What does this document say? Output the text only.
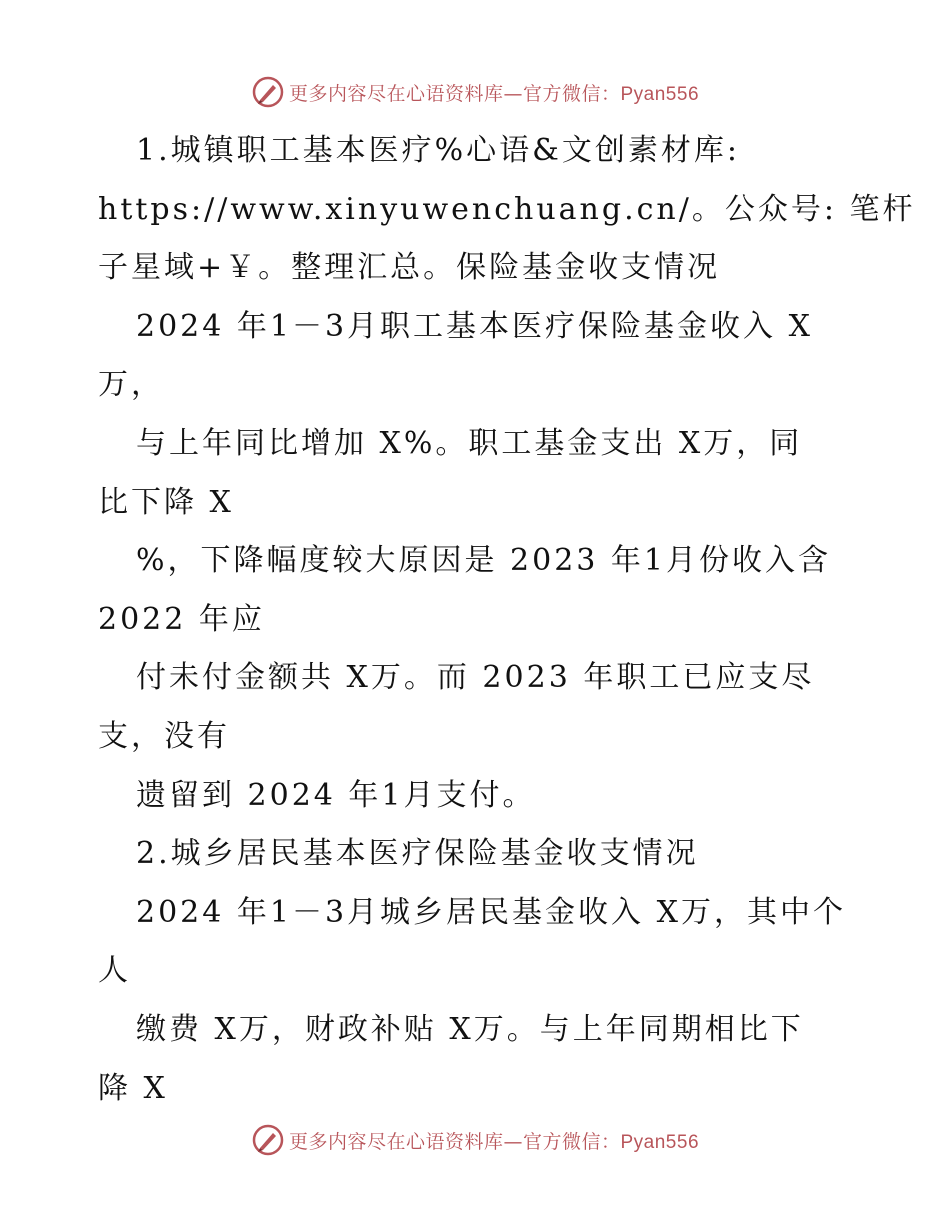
更多内容尽在心语资料库—官方微信：Pyan556
1.城镇职工基本医疗%心语&文创素材库:
https://www.xinyuwenchuang.cn/。公众号: 笔杆
子星域+￥。整理汇总。保险基金收支情况
2024 年1－3月职工基本医疗保险基金收入 X
万，
与上年同比增加 X%。职工基金支出 X万，同
比下降 X
%，下降幅度较大原因是 2023 年1月份收入含
2022 年应
付未付金额共 X万。而 2023 年职工已应支尽
支，没有
遗留到 2024 年1月支付。
2.城乡居民基本医疗保险基金收支情况
2024 年1－3月城乡居民基金收入 X万，其中个
人
缴费 X万，财政补贴 X万。与上年同期相比下
降 X
更多内容尽在心语资料库—官方微信：Pyan556
